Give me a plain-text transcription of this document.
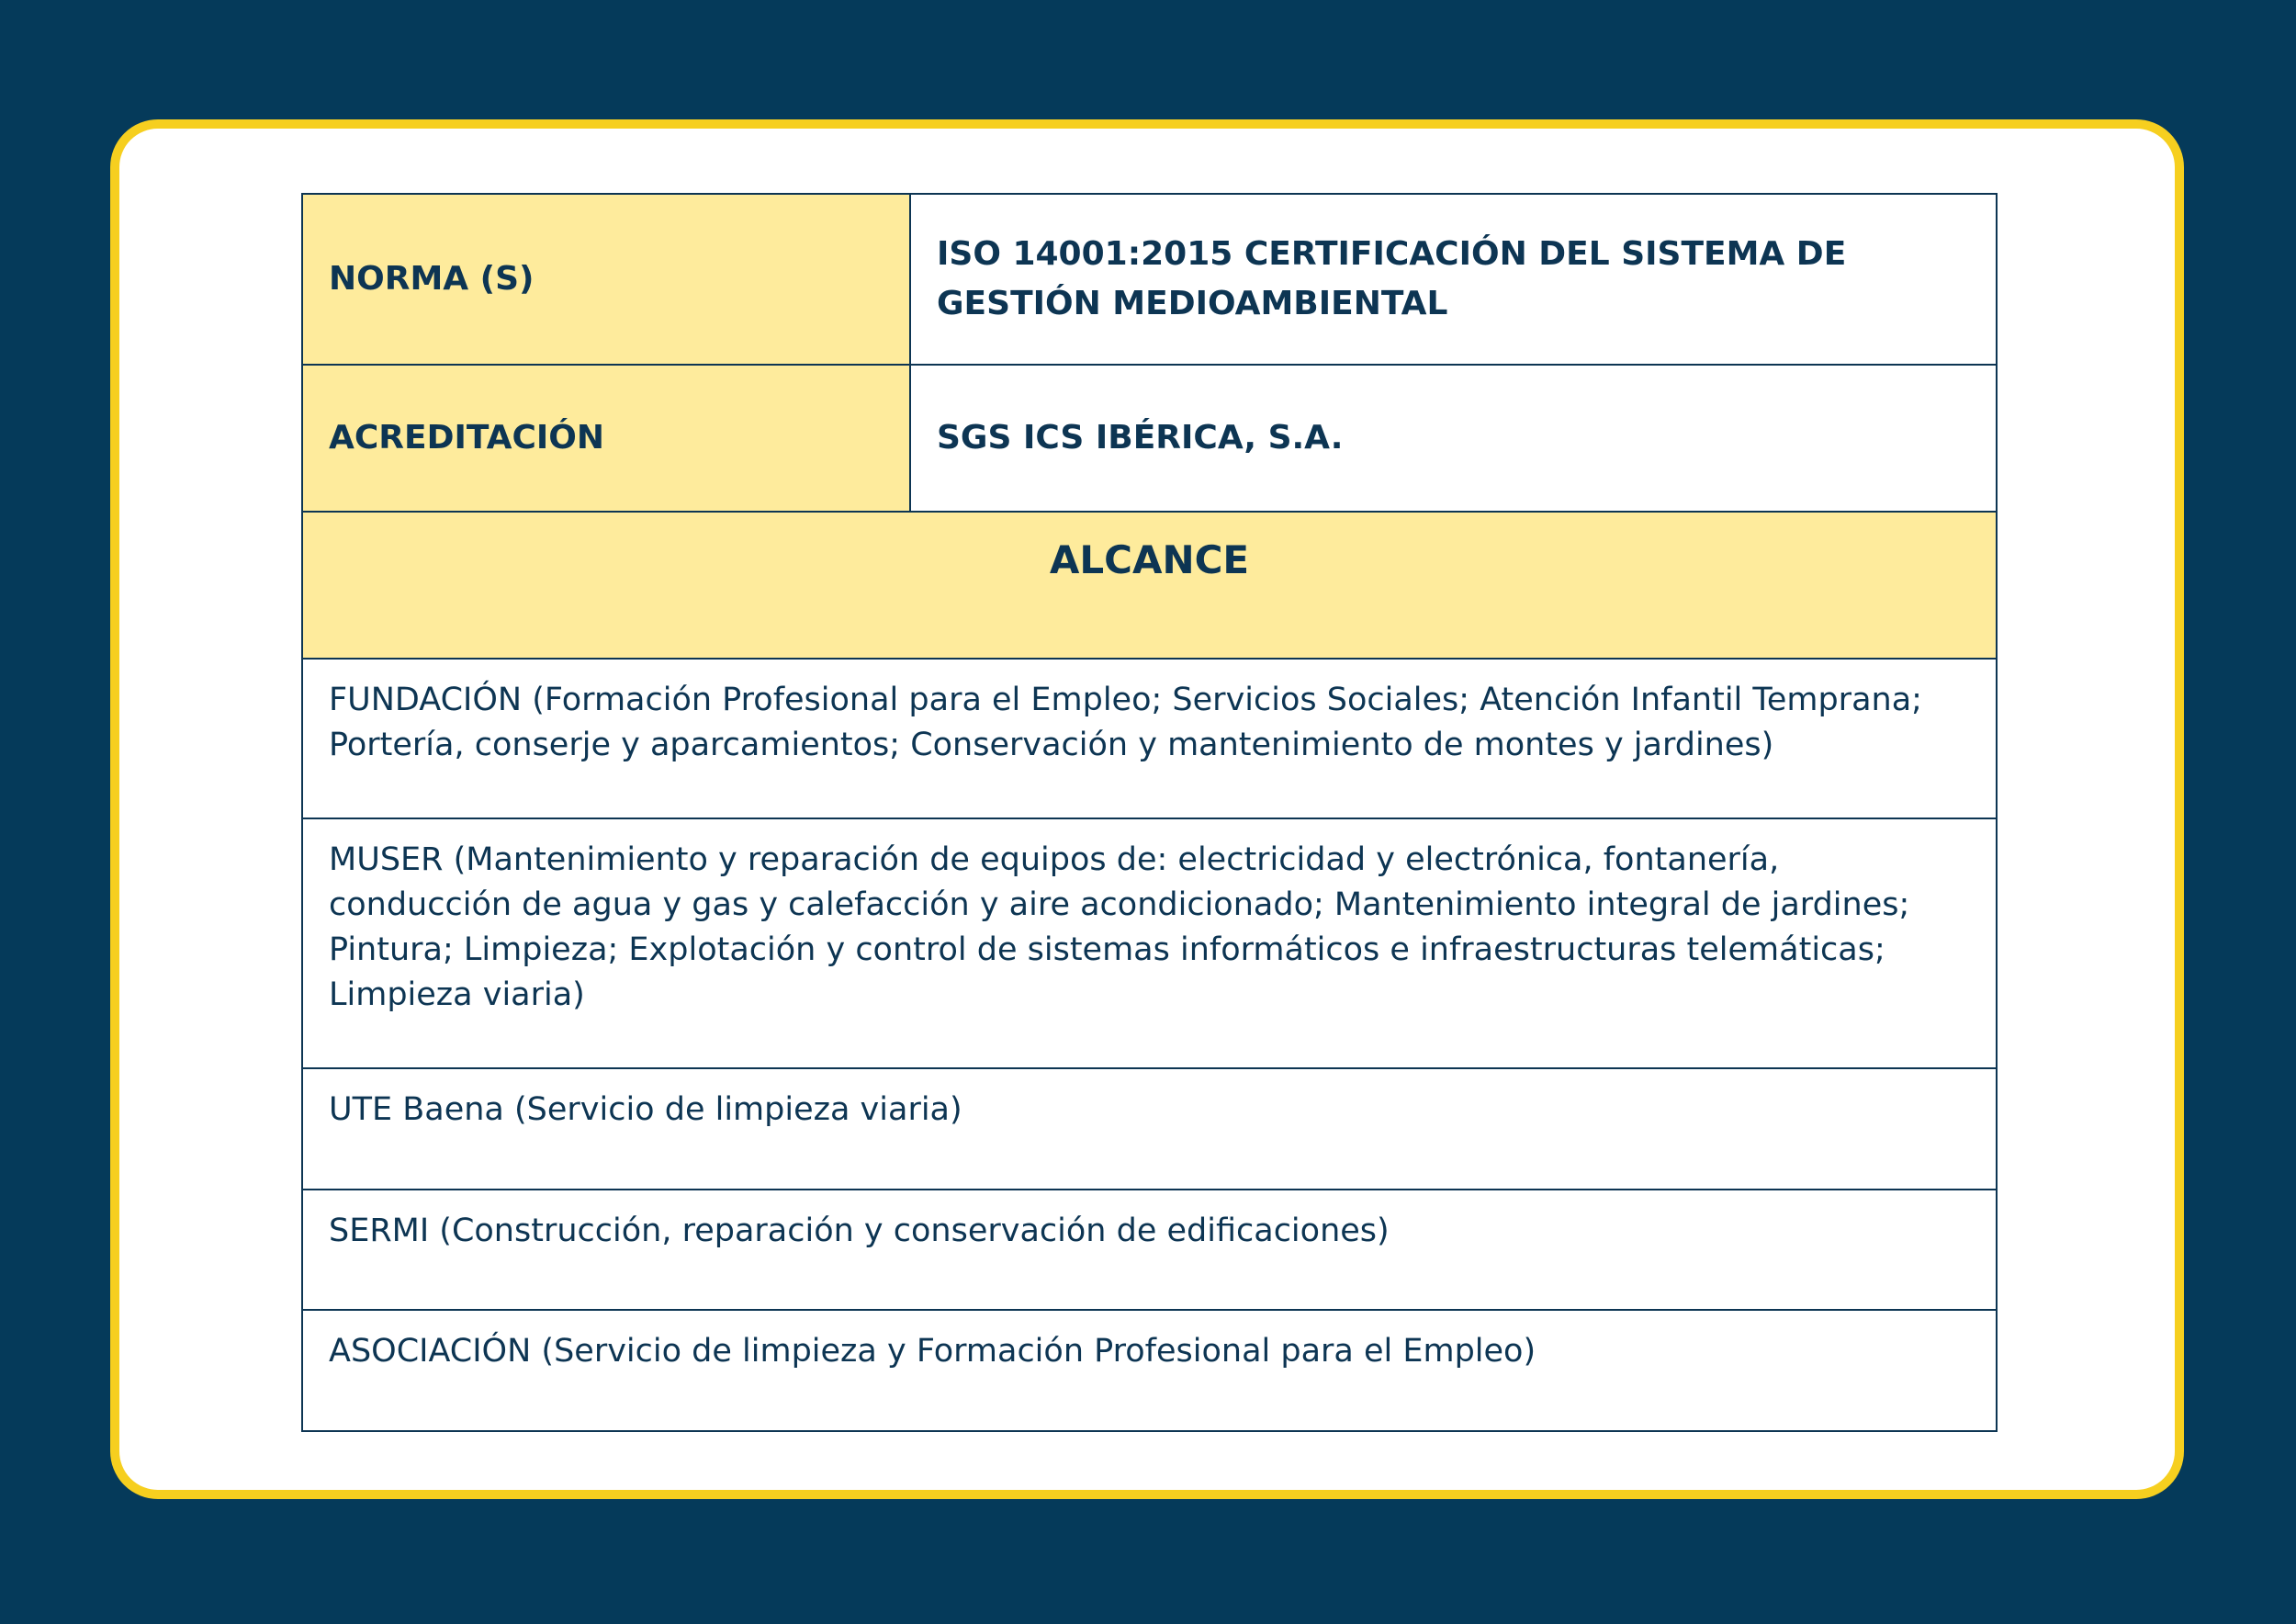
NORMA (S)	ISO 14001:2015 CERTIFICACIÓN DEL SISTEMA DE GESTIÓN MEDIOAMBIENTAL
ACREDITACIÓN	SGS ICS IBÉRICA, S.A.
ALCANCE	
FUNDACIÓN (Formación Profesional para el Empleo; Servicios Sociales; Atención Infantil Temprana; Portería, conserje y aparcamientos; Conservación y mantenimiento de montes y jardines)	
MUSER (Mantenimiento y reparación de equipos de: electricidad y electrónica, fontanería, conducción de agua y gas y calefacción y aire acondicionado; Mantenimiento integral de jardines; Pintura; Limpieza; Explotación y control de sistemas informáticos e infraestructuras telemáticas; Limpieza viaria)	
UTE Baena (Servicio de limpieza viaria)	
SERMI (Construcción, reparación y conservación de edificaciones)	
ASOCIACIÓN (Servicio de limpieza y Formación Profesional para el Empleo)	
